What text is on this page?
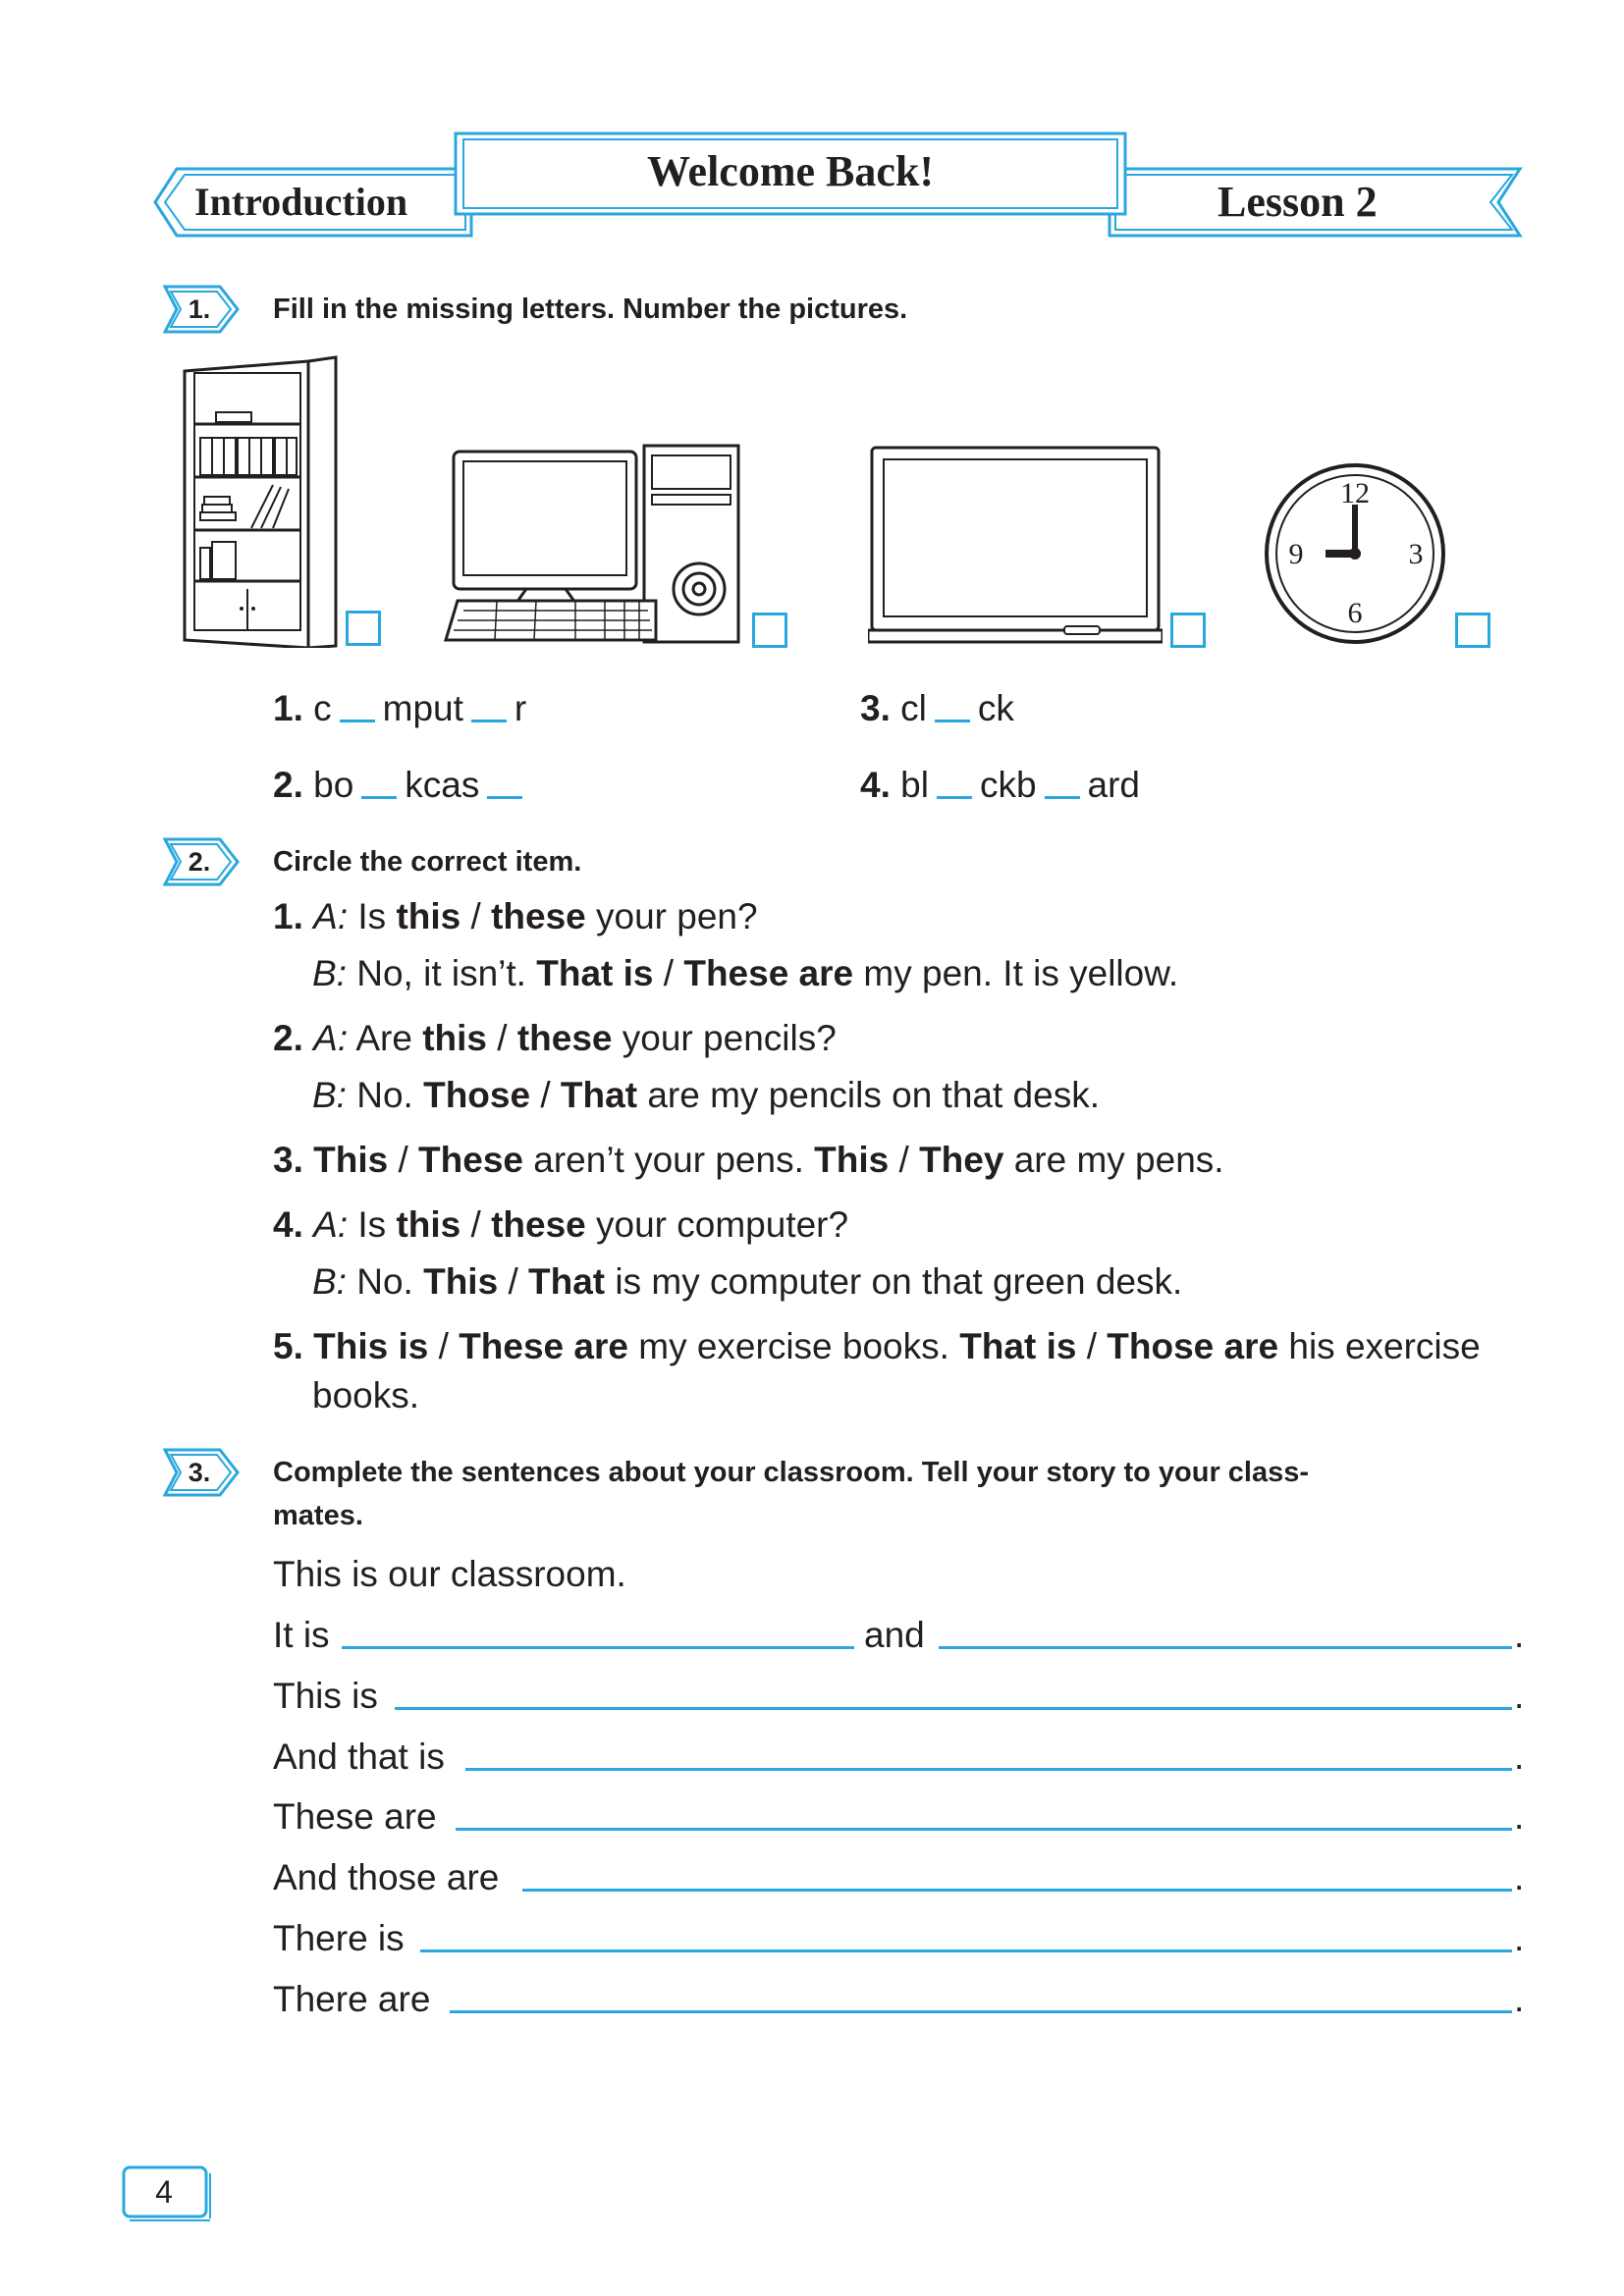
Introduction
Welcome Back!
Lesson 2
1.	Fill in the missing letters. Number the pictures.
12
3
6
9
1. c mput r
2. bo kcas
3. cl ck
4. bl ckb ard
2.	Circle the correct item.
1. A: Is this / these your pen?
B: No, it isn’t. That is / These are my pen. It is yellow.
2. A: Are this / these your pencils?
B: No. Those / That are my pencils on that desk.
3. This / These aren’t your pens. This / They are my pens.
4. A: Is this / these your computer?
B: No. This / That is my computer on that green desk.
5. This is / These are my exercise books. That is / Those are his exercise
books.
3.	Complete the sentences about your classroom. Tell your story to your class-
mates.
This is our classroom.
It is	and	.
This is	.
And that is	.
These are	.
And those are	.
There is	.
There are	.
4
